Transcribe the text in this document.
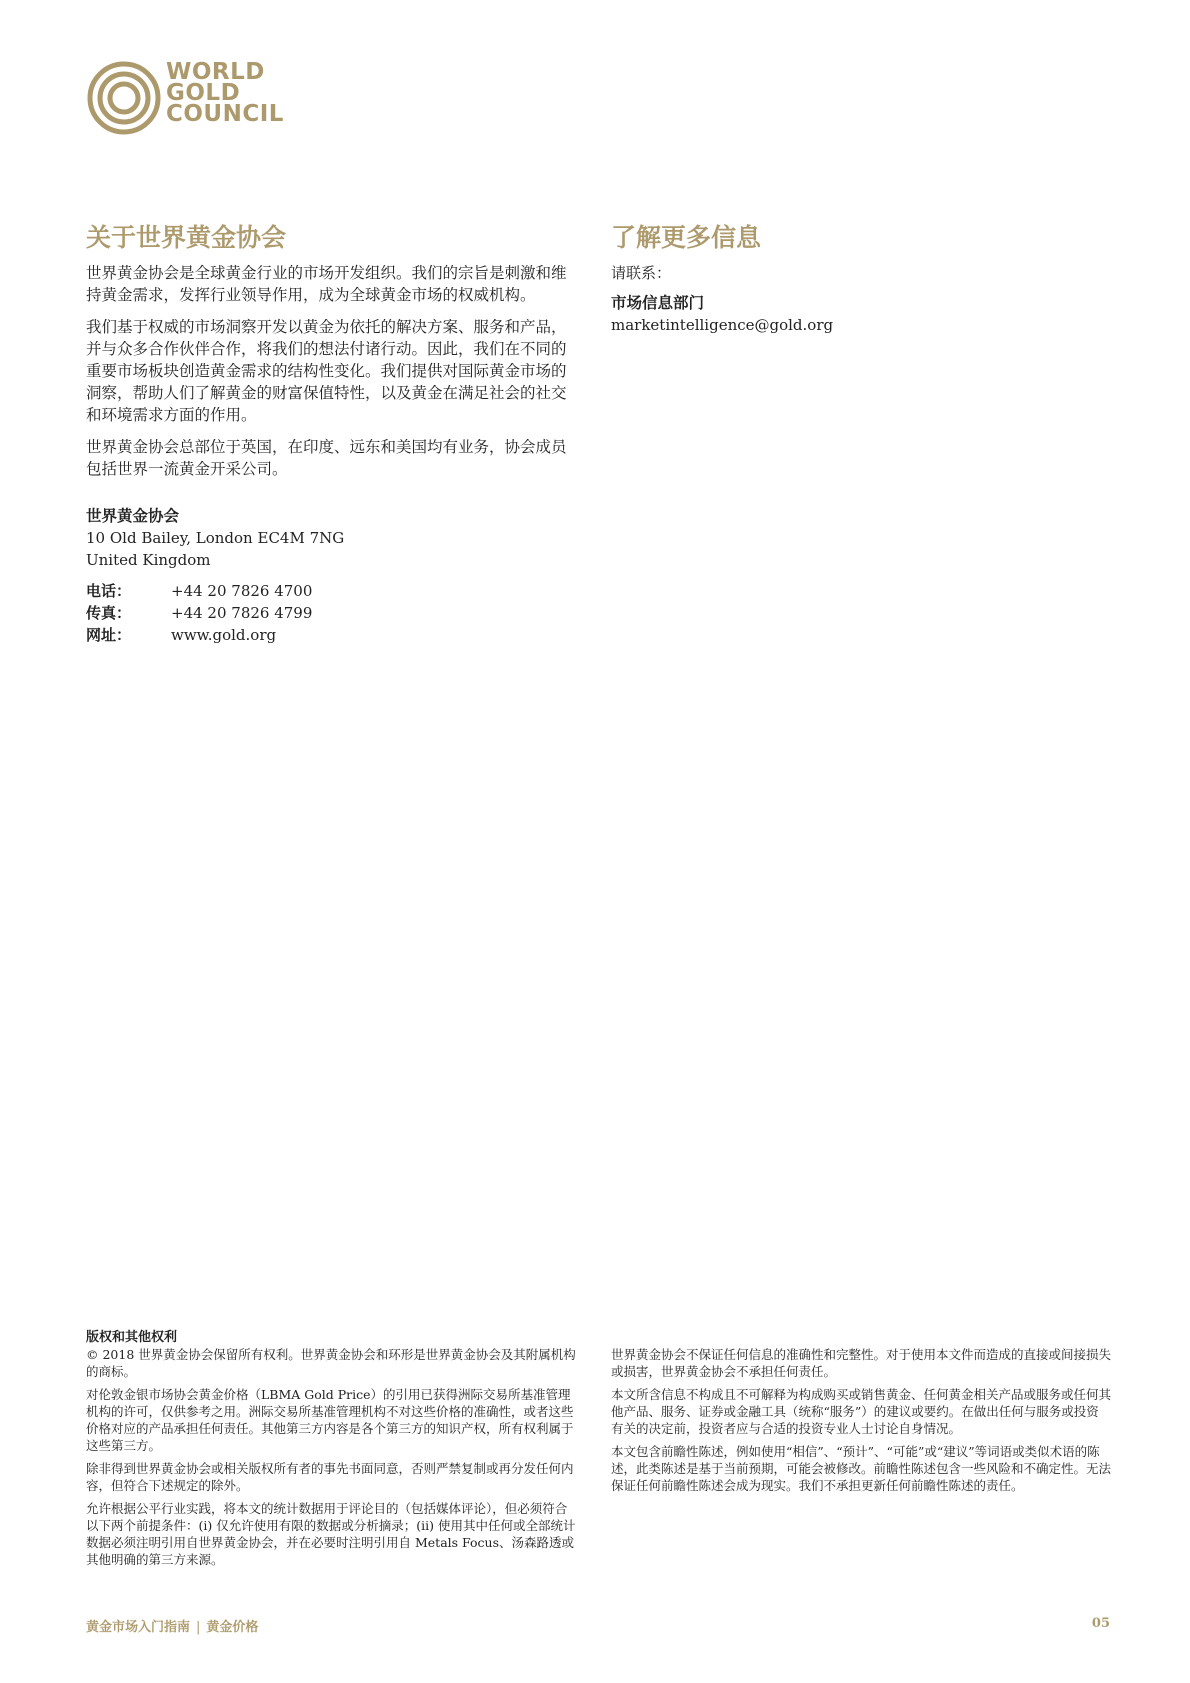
WORLD
GOLD
COUNCIL
关于世界黄金协会

世界黄金协会是全球黄金行业的市场开发组织。我们的宗旨是刺激和维持黄金需求，发挥行业领导作用，成为全球黄金市场的权威机构。

我们基于权威的市场洞察开发以黄金为依托的解决方案、服务和产品，并与众多合作伙伴合作，将我们的想法付诸行动。因此，我们在不同的重要市场板块创造黄金需求的结构性变化。我们提供对国际黄金市场的洞察，帮助人们了解黄金的财富保值特性，以及黄金在满足社会的社交和环境需求方面的作用。

世界黄金协会总部位于英国，在印度、远东和美国均有业务，协会成员包括世界一流黄金开采公司。

世界黄金协会
10 Old Bailey, London EC4M 7NG
United Kingdom
电话：	+44 20 7826 4700
传真：	+44 20 7826 4799
网址：	www.gold.org
了解更多信息
请联系：
市场信息部门
marketintelligence@gold.org
版权和其他权利

© 2018 世界黄金协会保留所有权利。世界黄金协会和环形是世界黄金协会及其附属机构的商标。

对伦敦金银市场协会黄金价格（LBMA Gold Price）的引用已获得洲际交易所基准管理机构的许可，仅供参考之用。洲际交易所基准管理机构不对这些价格的准确性，或者这些价格对应的产品承担任何责任。其他第三方内容是各个第三方的知识产权，所有权利属于这些第三方。

除非得到世界黄金协会或相关版权所有者的事先书面同意，否则严禁复制或再分发任何内容，但符合下述规定的除外。

允许根据公平行业实践，将本文的统计数据用于评论目的（包括媒体评论），但必须符合以下两个前提条件：(i) 仅允许使用有限的数据或分析摘录；(ii) 使用其中任何或全部统计数据必须注明引用自世界黄金协会，并在必要时注明引用自 Metals Focus、汤森路透或其他明确的第三方来源。

世界黄金协会不保证任何信息的准确性和完整性。对于使用本文件而造成的直接或间接损失或损害，世界黄金协会不承担任何责任。

本文所含信息不构成且不可解释为构成购买或销售黄金、任何黄金相关产品或服务或任何其他产品、服务、证券或金融工具（统称“服务”）的建议或要约。在做出任何与服务或投资有关的决定前，投资者应与合适的投资专业人士讨论自身情况。

本文包含前瞻性陈述，例如使用“相信”、“预计”、“可能”或“建议”等词语或类似术语的陈述，此类陈述是基于当前预期，可能会被修改。前瞻性陈述包含一些风险和不确定性。无法保证任何前瞻性陈述会成为现实。我们不承担更新任何前瞻性陈述的责任。

黄金市场入门指南 | 黄金价格	05
